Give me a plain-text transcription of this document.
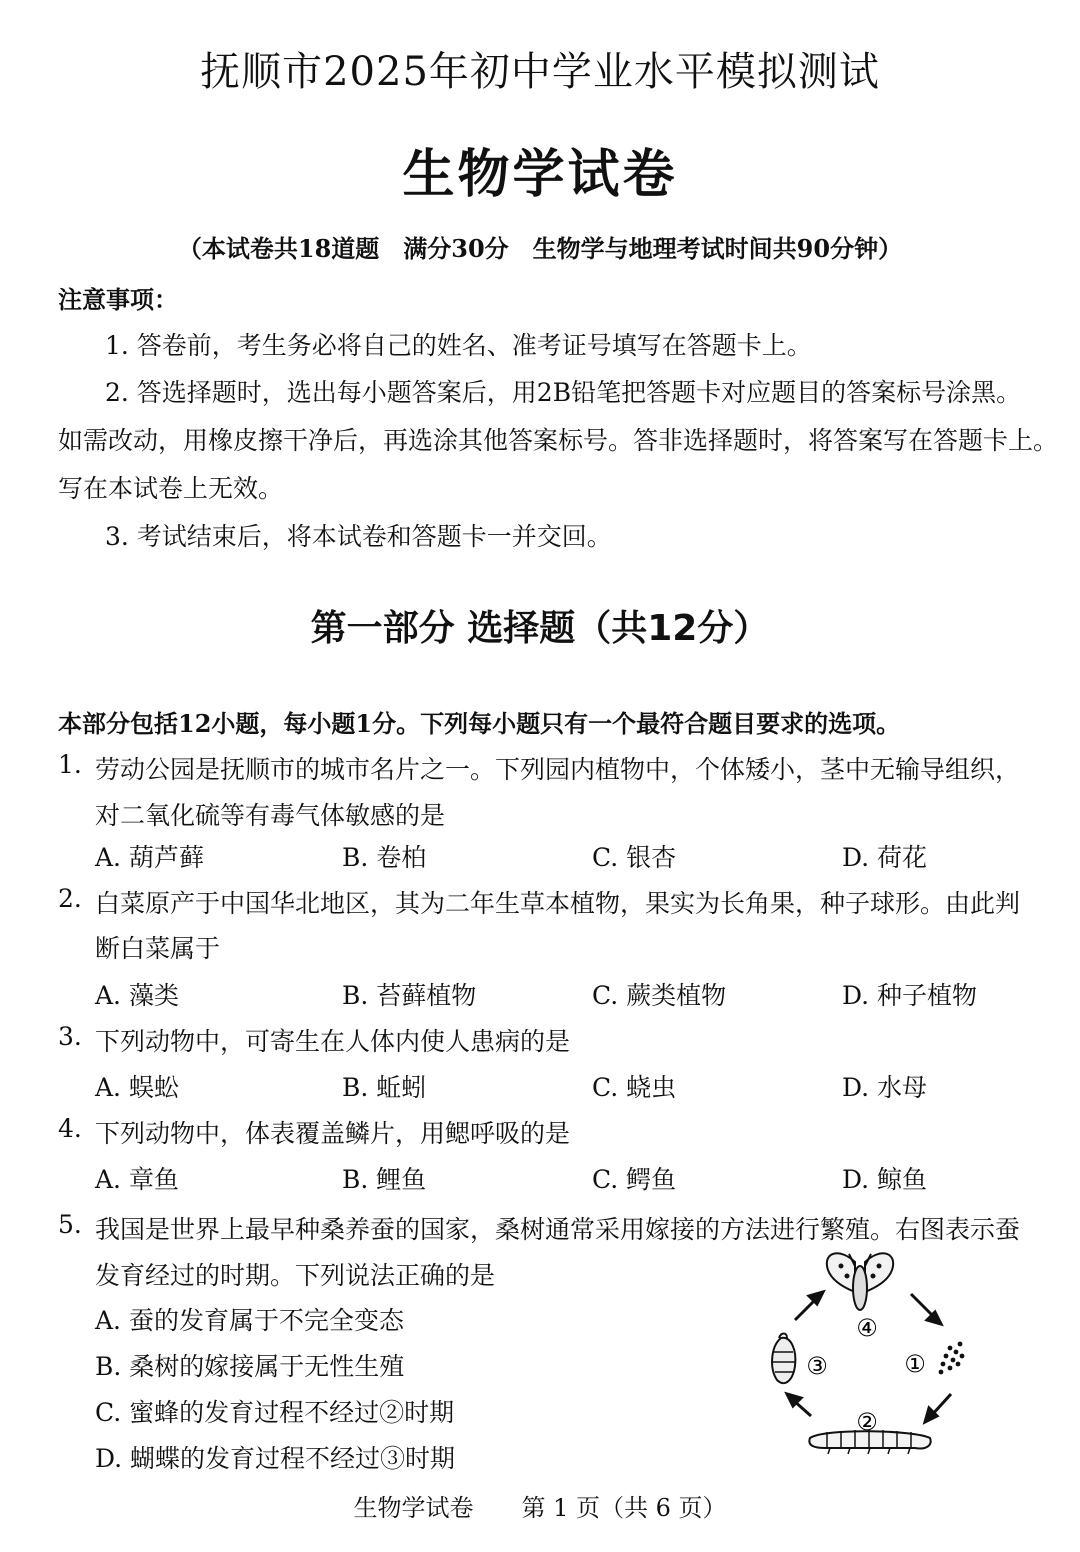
抚顺市2025年初中学业水平模拟测试
生物学试卷
（本试卷共18道题　满分30分　生物学与地理考试时间共90分钟）
注意事项：
1. 答卷前，考生务必将自己的姓名、准考证号填写在答题卡上。
2. 答选择题时，选出每小题答案后，用2B铅笔把答题卡对应题目的答案标号涂黑。
如需改动，用橡皮擦干净后，再选涂其他答案标号。答非选择题时，将答案写在答题卡上。
写在本试卷上无效。
3. 考试结束后，将本试卷和答题卡一并交回。
第一部分 选择题（共12分）
本部分包括12小题，每小题1分。下列每小题只有一个最符合题目要求的选项。
1. 劳动公园是抚顺市的城市名片之一。下列园内植物中，个体矮小，茎中无输导组织，
对二氧化硫等有毒气体敏感的是
A. 葫芦藓	B. 卷柏	C. 银杏	D. 荷花
2. 白菜原产于中国华北地区，其为二年生草本植物，果实为长角果，种子球形。由此判
断白菜属于
A. 藻类	B. 苔藓植物	C. 蕨类植物	D. 种子植物
3. 下列动物中，可寄生在人体内使人患病的是
A. 蜈蚣	B. 蚯蚓	C. 蛲虫	D. 水母
4. 下列动物中，体表覆盖鳞片，用鳃呼吸的是
A. 章鱼	B. 鲤鱼	C. 鳄鱼	D. 鲸鱼
5. 我国是世界上最早种桑养蚕的国家，桑树通常采用嫁接的方法进行繁殖。右图表示蚕
发育经过的时期。下列说法正确的是
A. 蚕的发育属于不完全变态
B. 桑树的嫁接属于无性生殖
C. 蜜蜂的发育过程不经过②时期
D. 蝴蝶的发育过程不经过③时期
①
②
③
④
生物学试卷　　第 1 页（共 6 页）
